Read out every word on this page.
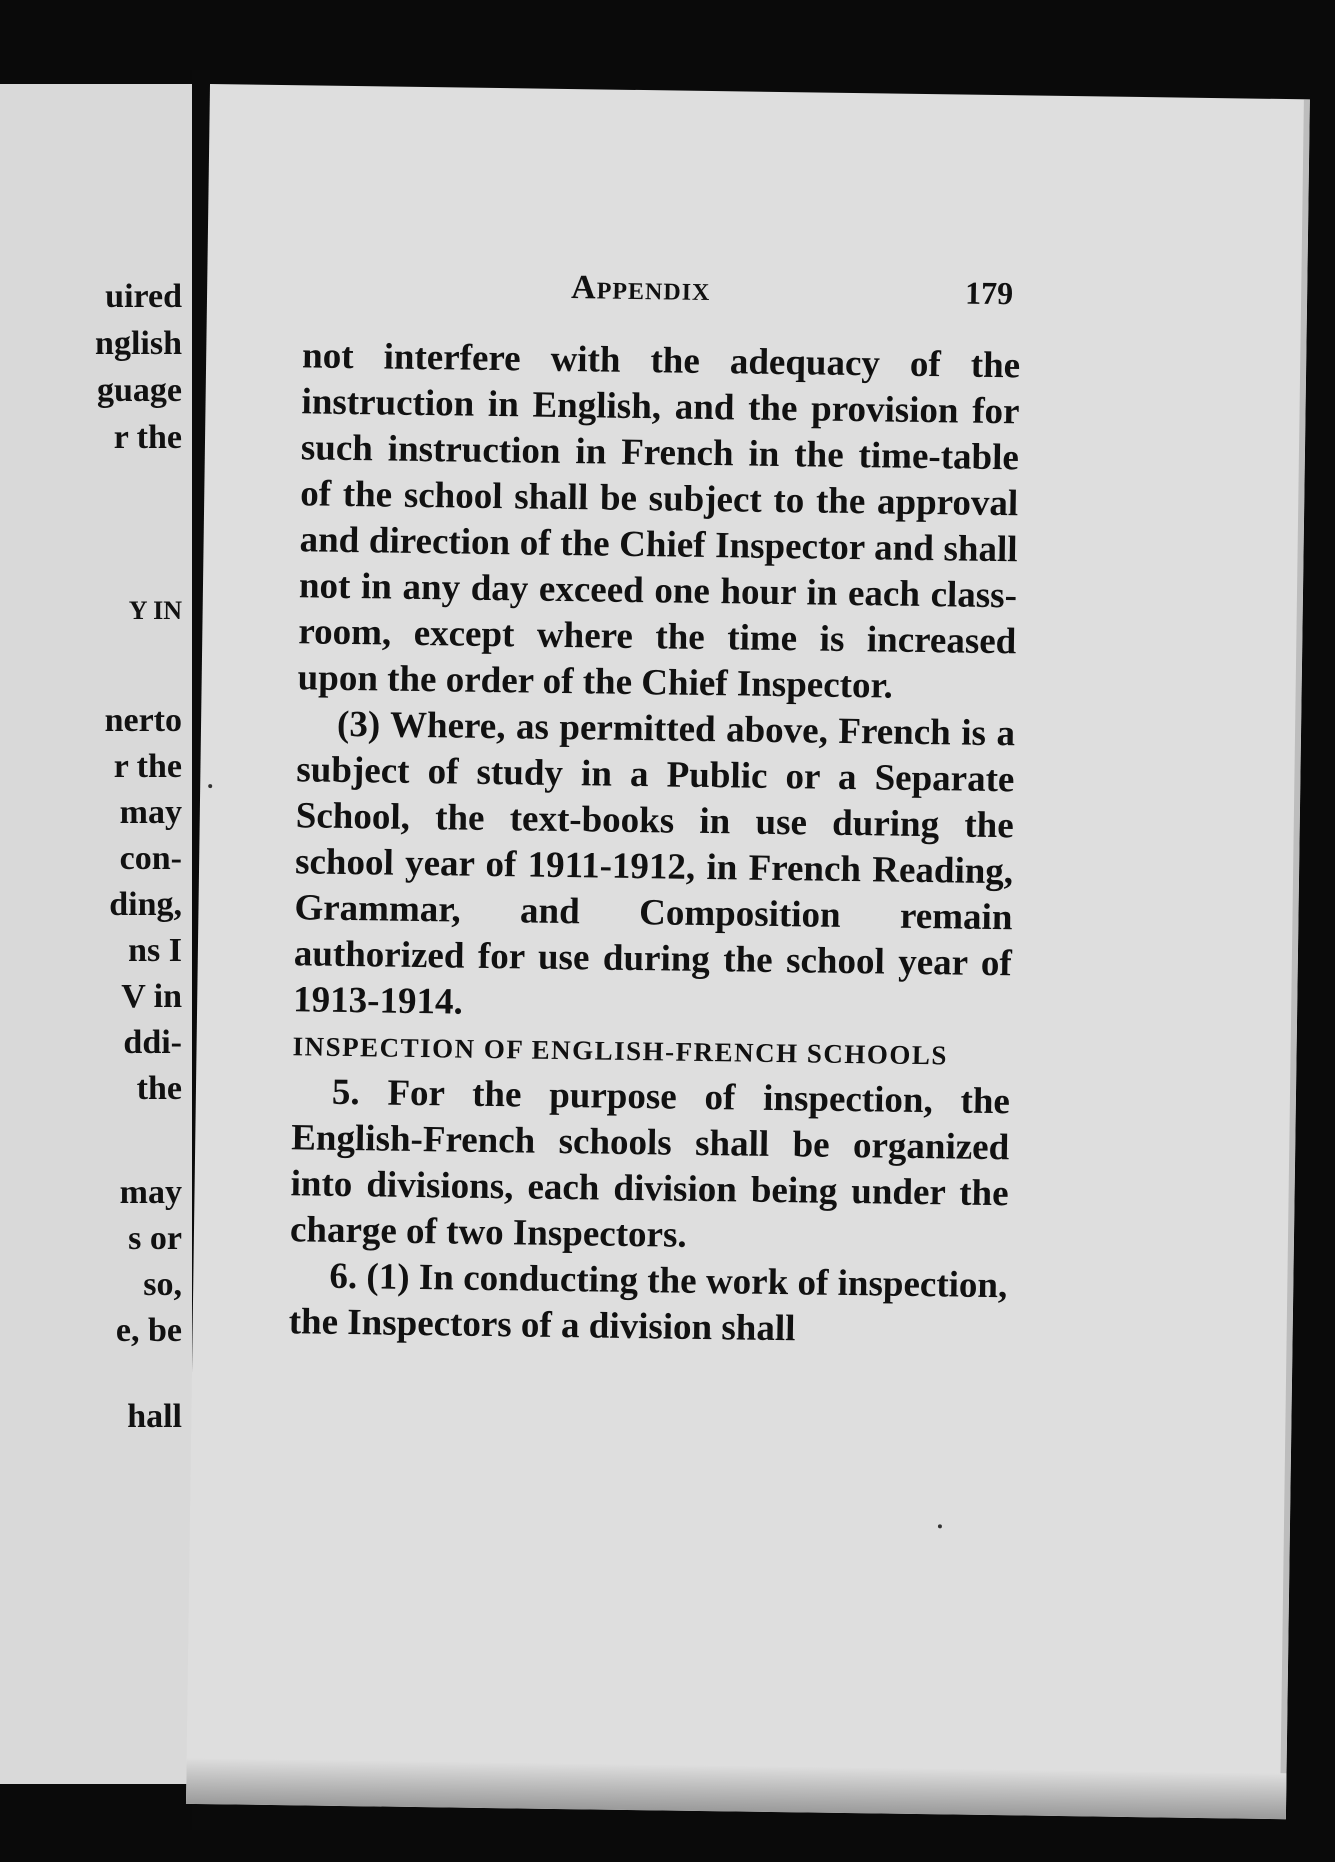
uired
nglish
guage
r the
Y IN
nerto
r the
may
con-
ding,
ns I
V in
ddi-
the
may
s or
so,
e, be
hall
Appendix	179

not interfere with the adequacy of the instruction in English, and the provision for such instruction in French in the time-table of the school shall be subject to the approval and direction of the Chief Inspector and shall not in any day exceed one hour in each class-room, except where the time is increased upon the order of the Chief Inspector.

(3) Where, as permitted above, French is a subject of study in a Public or a Separate School, the text-books in use during the school year of 1911-1912, in French Reading, Grammar, and Composition remain authorized for use during the school year of 1913-1914.

INSPECTION OF ENGLISH-FRENCH SCHOOLS

5. For the purpose of inspection, the English-French schools shall be organized into divisions, each division being under the charge of two Inspectors.

6. (1) In conducting the work of inspection, the Inspectors of a division shall
